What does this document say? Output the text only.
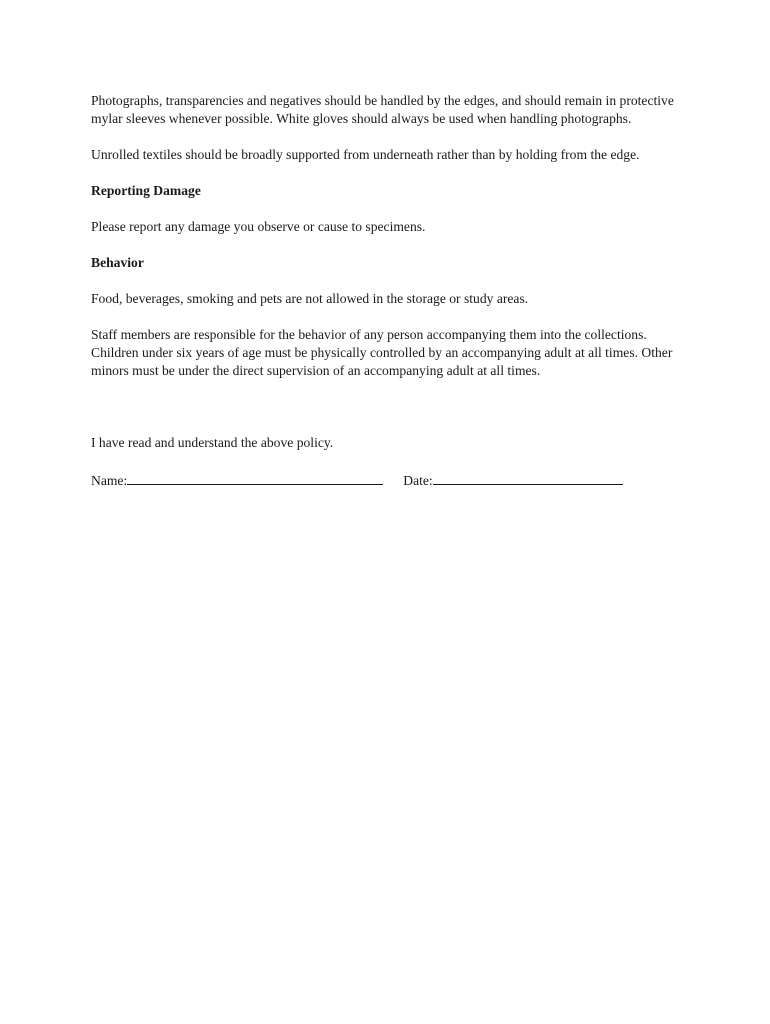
Photographs, transparencies and negatives should be handled by the edges, and should remain in protective mylar sleeves whenever possible. White gloves should always be used when handling photographs.

Unrolled textiles should be broadly supported from underneath rather than by holding from the edge.

Reporting Damage

Please report any damage you observe or cause to specimens.

Behavior

Food, beverages, smoking and pets are not allowed in the storage or study areas.

Staff members are responsible for the behavior of any person accompanying them into the collections.

Children under six years of age must be physically controlled by an accompanying adult at all times. Other minors must be under the direct supervision of an accompanying adult at all times.

I have read and understand the above policy.

Name:	Date:
